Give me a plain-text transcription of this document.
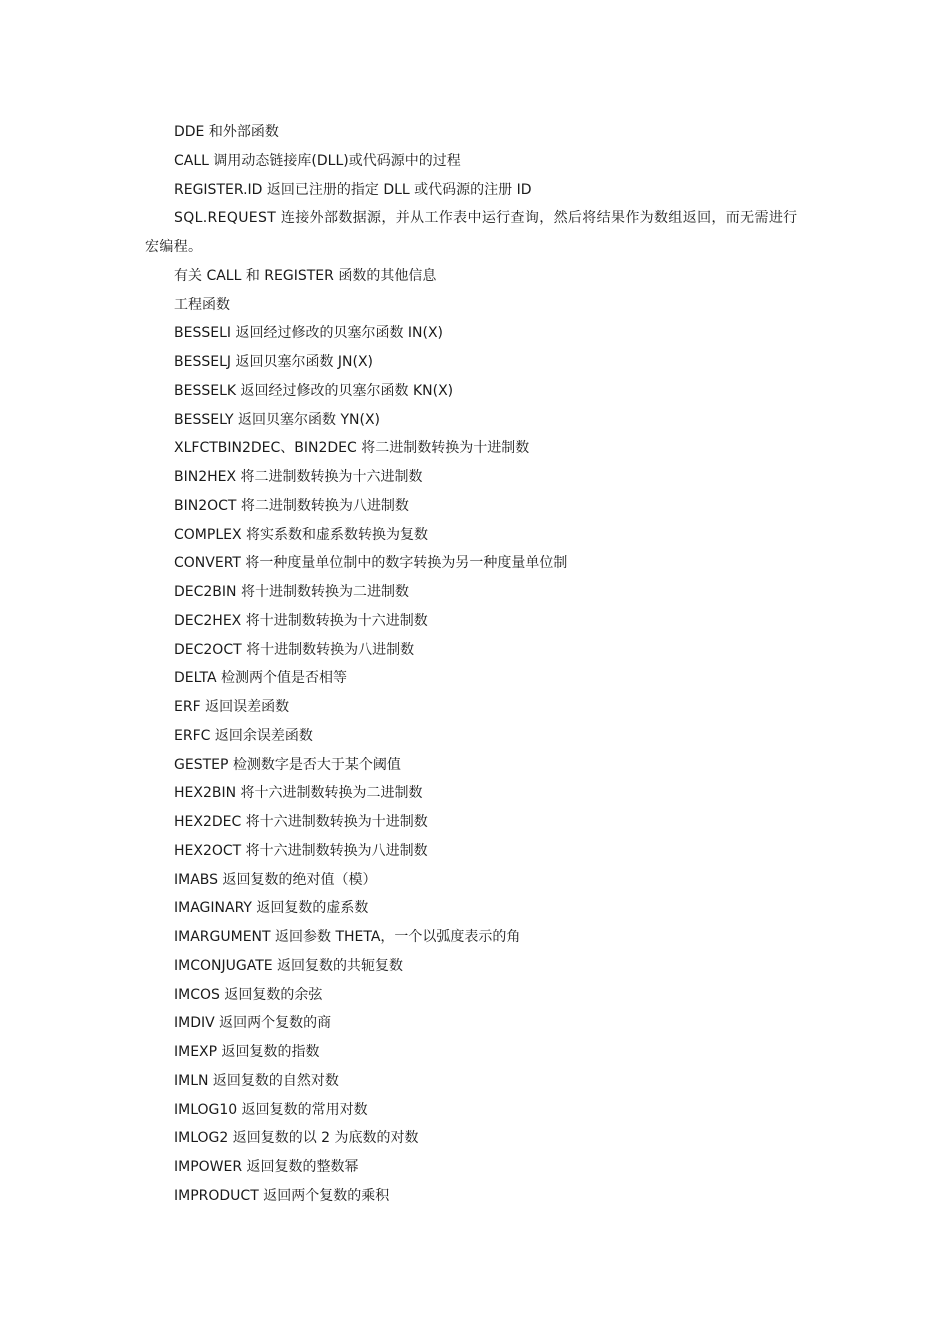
DDE 和外部函数
CALL 调用动态链接库(DLL)或代码源中的过程
REGISTER.ID 返回已注册的指定 DLL 或代码源的注册 ID
SQL.REQUEST 连接外部数据源，并从工作表中运行查询，然后将结果作为数组返回，而无需进行宏编程。
有关 CALL 和 REGISTER 函数的其他信息
工程函数
BESSELI 返回经过修改的贝塞尔函数 IN(X)
BESSELJ 返回贝塞尔函数 JN(X)
BESSELK 返回经过修改的贝塞尔函数 KN(X)
BESSELY 返回贝塞尔函数 YN(X)
XLFCTBIN2DEC、BIN2DEC 将二进制数转换为十进制数
BIN2HEX 将二进制数转换为十六进制数
BIN2OCT 将二进制数转换为八进制数
COMPLEX 将实系数和虚系数转换为复数
CONVERT 将一种度量单位制中的数字转换为另一种度量单位制
DEC2BIN 将十进制数转换为二进制数
DEC2HEX 将十进制数转换为十六进制数
DEC2OCT 将十进制数转换为八进制数
DELTA 检测两个值是否相等
ERF 返回误差函数
ERFC 返回余误差函数
GESTEP 检测数字是否大于某个阈值
HEX2BIN 将十六进制数转换为二进制数
HEX2DEC 将十六进制数转换为十进制数
HEX2OCT 将十六进制数转换为八进制数
IMABS 返回复数的绝对值（模）
IMAGINARY 返回复数的虚系数
IMARGUMENT 返回参数 THETA，一个以弧度表示的角
IMCONJUGATE 返回复数的共轭复数
IMCOS 返回复数的余弦
IMDIV 返回两个复数的商
IMEXP 返回复数的指数
IMLN 返回复数的自然对数
IMLOG10 返回复数的常用对数
IMLOG2 返回复数的以 2 为底数的对数
IMPOWER 返回复数的整数幂
IMPRODUCT 返回两个复数的乘积
